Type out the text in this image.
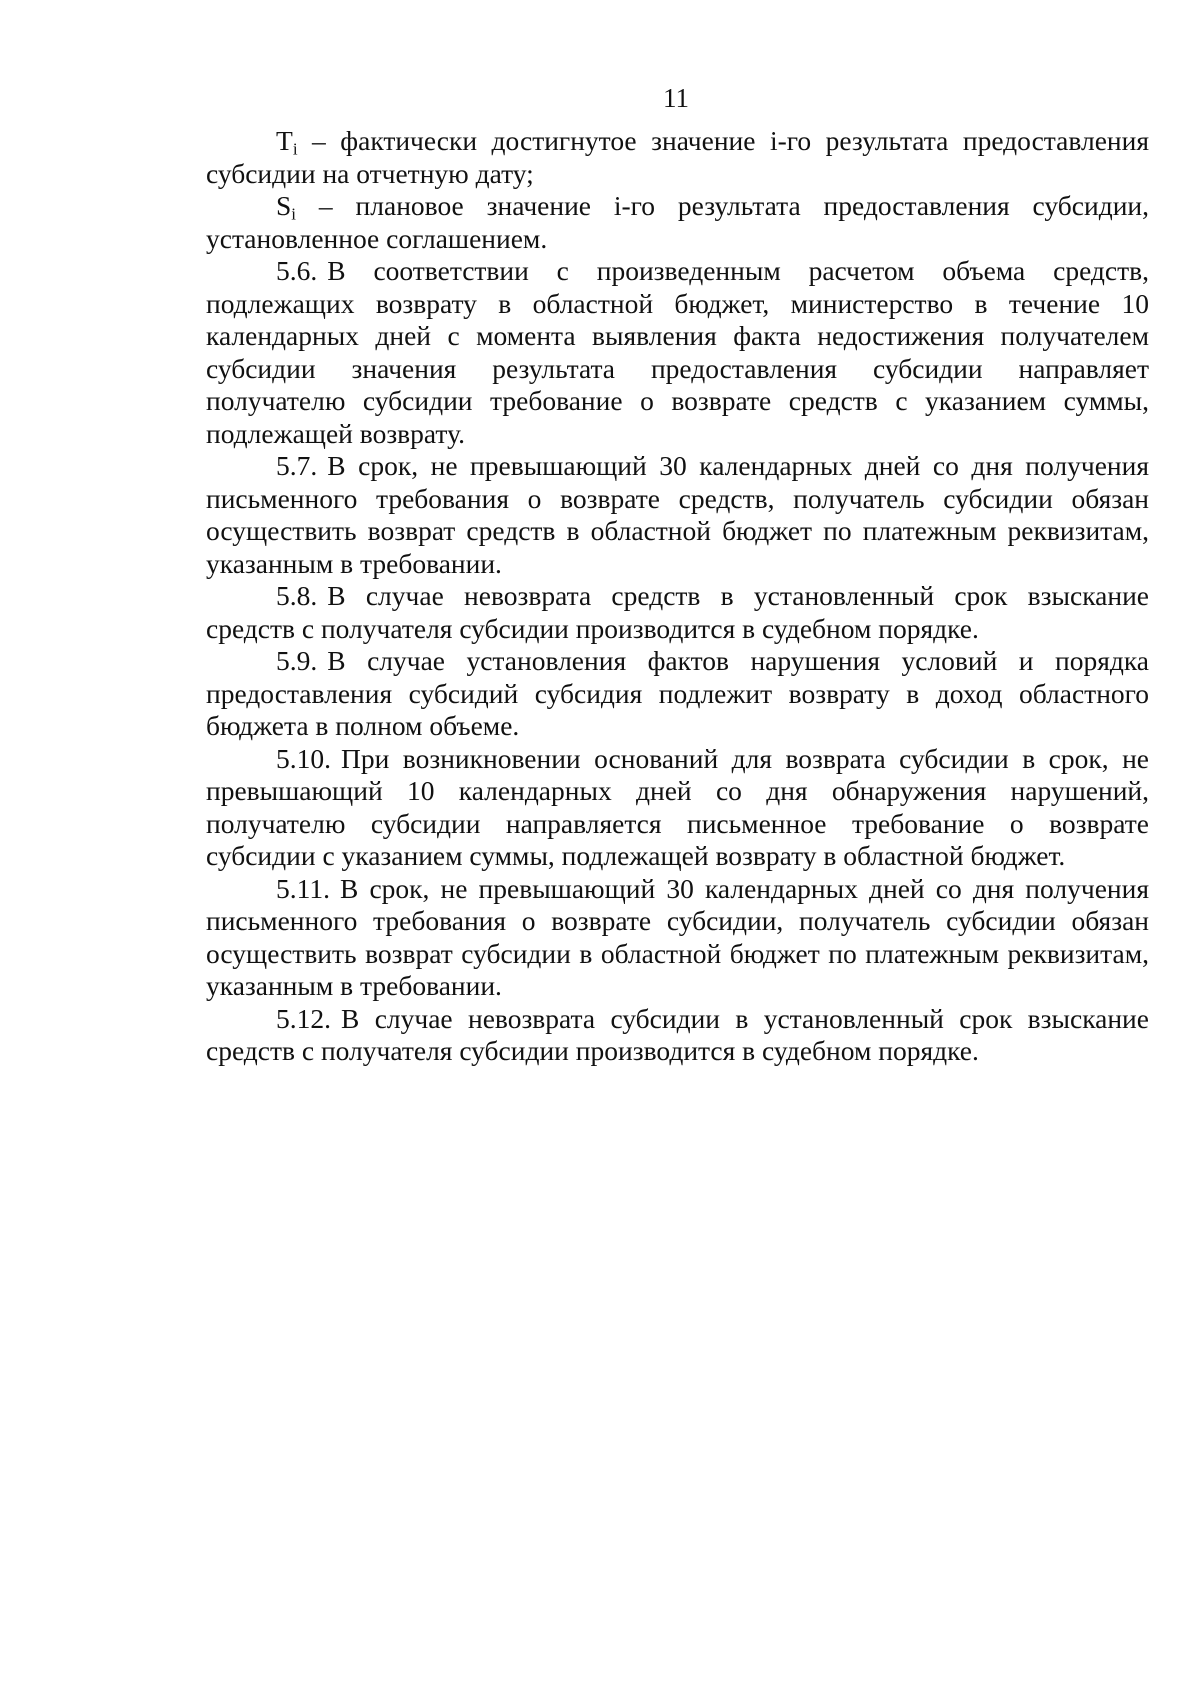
11

$T_i$ – фактически достигнутое значение i-го результата предоставления субсидии на отчетную дату;

$S_i$ – плановое значение i-го результата предоставления субсидии, установленное соглашением.

5.6. В соответствии с произведенным расчетом объема средств, подлежащих возврату в областной бюджет, министерство в течение 10 календарных дней с момента выявления факта недостижения получателем субсидии значения результата предоставления субсидии направляет получателю субсидии требование о возврате средств с указанием суммы, подлежащей возврату.

5.7. В срок, не превышающий 30 календарных дней со дня получения письменного требования о возврате средств, получатель субсидии обязан осуществить возврат средств в областной бюджет по платежным реквизитам, указанным в требовании.

5.8. В случае невозврата средств в установленный срок взыскание средств с получателя субсидии производится в судебном порядке.

5.9. В случае установления фактов нарушения условий и порядка предоставления субсидий субсидия подлежит возврату в доход областного бюджета в полном объеме.

5.10. При возникновении оснований для возврата субсидии в срок, не превышающий 10 календарных дней со дня обнаружения нарушений, получателю субсидии направляется письменное требование о возврате субсидии с указанием суммы, подлежащей возврату в областной бюджет.

5.11. В срок, не превышающий 30 календарных дней со дня получения письменного требования о возврате субсидии, получатель субсидии обязан осуществить возврат субсидии в областной бюджет по платежным реквизитам, указанным в требовании.

5.12. В случае невозврата субсидии в установленный срок взыскание средств с получателя субсидии производится в судебном порядке.
